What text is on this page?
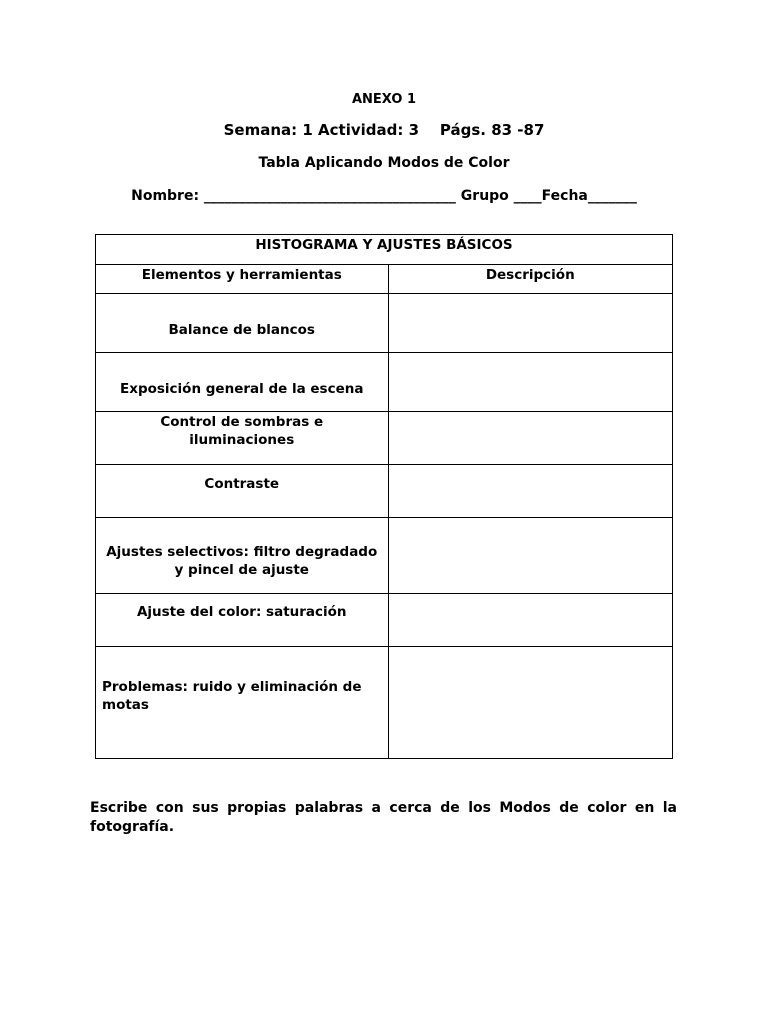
ANEXO 1
Semana: 1 Actividad: 3    Págs. 83 -87
Tabla Aplicando Modos de Color
Nombre: ____________________________________ Grupo ____Fecha_______
HISTOGRAMA Y AJUSTES BÁSICOS	
Elementos y herramientas	Descripción
Balance de blancos	
Exposición general de la escena	
Control de sombras e iluminaciones	
Contraste	
Ajustes selectivos: filtro degradado y pincel de ajuste	
Ajuste del color: saturación	
Problemas: ruido y eliminación de motas	
Escribe con sus propias palabras a cerca de los Modos de color en la fotografía.
